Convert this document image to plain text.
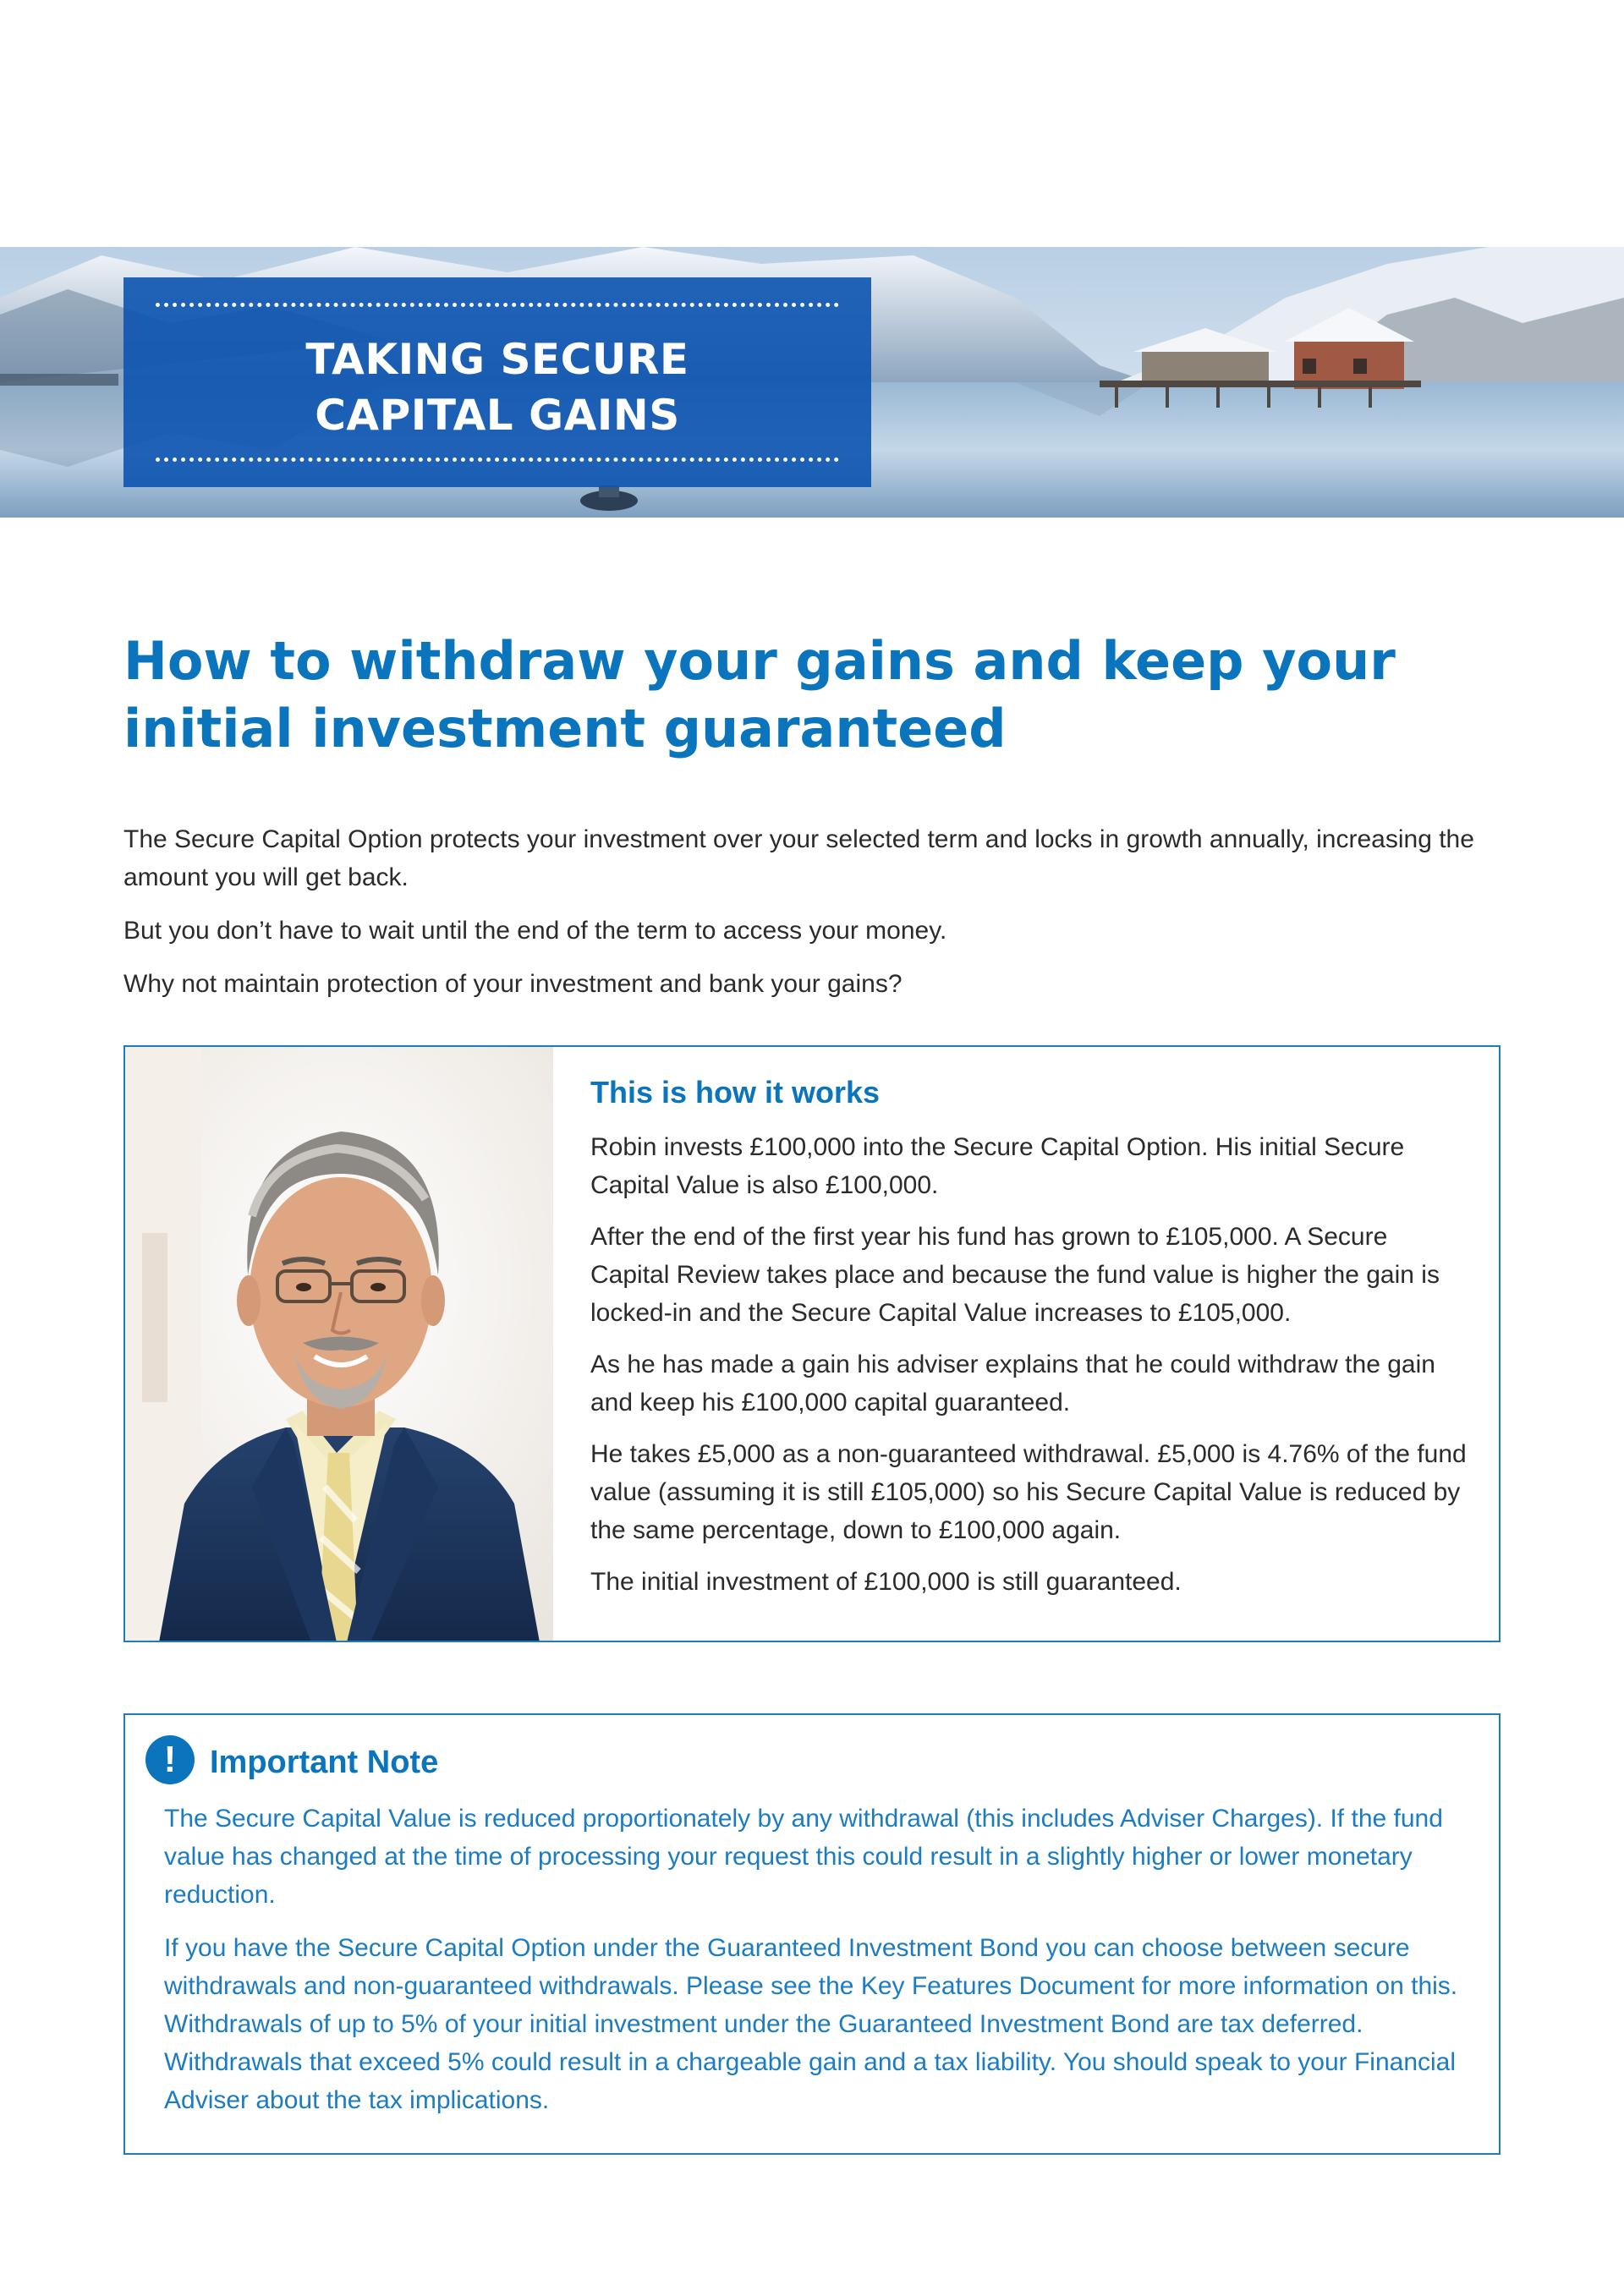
TAKING SECURE
CAPITAL GAINS
How to withdraw your gains and keep your
initial investment guaranteed

The Secure Capital Option protects your investment over your selected term and locks in growth annually, increasing the amount you will get back.

But you don’t have to wait until the end of the term to access your money.

Why not maintain protection of your investment and bank your gains?

This is how it works

Robin invests £100,000 into the Secure Capital Option. His initial Secure Capital Value is also £100,000.

After the end of the first year his fund has grown to £105,000. A Secure Capital Review takes place and because the fund value is higher the gain is locked-in and the Secure Capital Value increases to £105,000.

As he has made a gain his adviser explains that he could withdraw the gain and keep his £100,000 capital guaranteed.

He takes £5,000 as a non-guaranteed withdrawal. £5,000 is 4.76% of the fund value (assuming it is still £105,000) so his Secure Capital Value is reduced by the same percentage, down to £100,000 again.

The initial investment of £100,000 is still guaranteed.

!	Important Note

The Secure Capital Value is reduced proportionately by any withdrawal (this includes Adviser Charges). If the fund value has changed at the time of processing your request this could result in a slightly higher or lower monetary reduction.

If you have the Secure Capital Option under the Guaranteed Investment Bond you can choose between secure withdrawals and non-guaranteed withdrawals. Please see the Key Features Document for more information on this. Withdrawals of up to 5% of your initial investment under the Guaranteed Investment Bond are tax deferred. Withdrawals that exceed 5% could result in a chargeable gain and a tax liability. You should speak to your Financial Adviser about the tax implications.
